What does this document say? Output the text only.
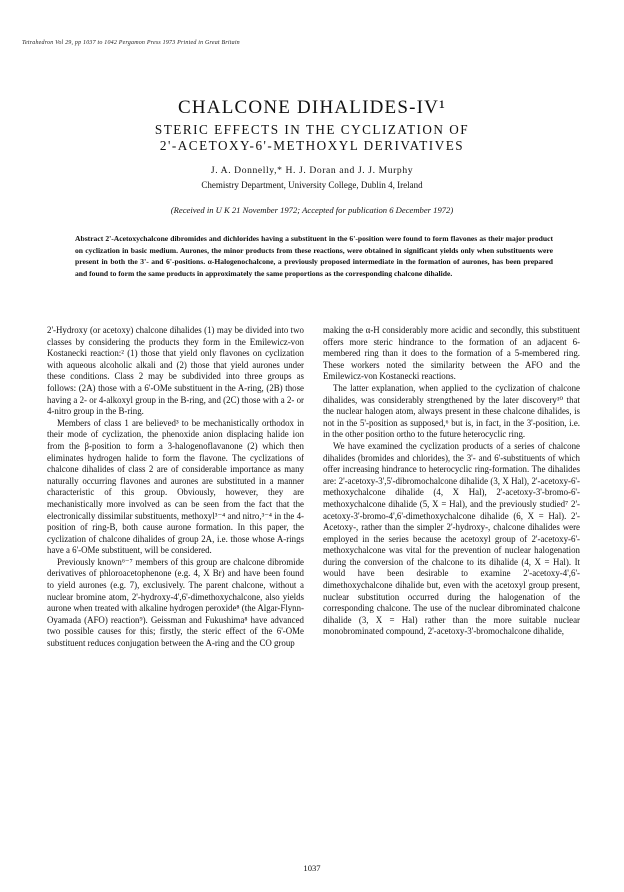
Tetrahedron Vol 29, pp 1037 to 1042 Pergamon Press 1973 Printed in Great Britain
CHALCONE DIHALIDES-IV¹
STERIC EFFECTS IN THE CYCLIZATION OF
2'-ACETOXY-6'-METHOXYL DERIVATIVES
J. A. Donnelly,* H. J. Doran and J. J. Murphy
Chemistry Department, University College, Dublin 4, Ireland
(Received in U K 21 November 1972; Accepted for publication 6 December 1972)
Abstract 2'-Acetoxychalcone dibromides and dichlorides having a substituent in the 6'-position were found to form flavones as their major product on cyclization in basic medium. Aurones, the minor products from these reactions, were obtained in significant yields only when substituents were present in both the 3'- and 6'-positions. α-Halogenochalcone, a previously proposed intermediate in the formation of aurones, has been prepared and found to form the same products in approximately the same proportions as the corresponding chalcone dihalide.

2'-Hydroxy (or acetoxy) chalcone dihalides (1) may be divided into two classes by considering the products they form in the Emilewicz-von Kostanecki reaction:² (1) those that yield only flavones on cyclization with aqueous alcoholic alkali and (2) those that yield aurones under these conditions. Class 2 may be subdivided into three groups as follows: (2A) those with a 6'-OMe substituent in the A-ring, (2B) those having a 2- or 4-alkoxyl group in the B-ring, and (2C) those with a 2- or 4-nitro group in the B-ring.

Members of class 1 are believed³ to be mechanistically orthodox in their mode of cyclization, the phenoxide anion displacing halide ion from the β-position to form a 3-halogenoflavanone (2) which then eliminates hydrogen halide to form the flavone. The cyclizations of chalcone dihalides of class 2 are of considerable importance as many naturally occurring flavones and aurones are substituted in a manner characteristic of this group. Obviously, however, they are mechanistically more involved as can be seen from the fact that the electronically dissimilar substituents, methoxyl³⁻⁴ and nitro,³⁻⁴ in the 4-position of ring-B, both cause aurone formation. In this paper, the cyclization of chalcone dihalides of group 2A, i.e. those whose A-rings have a 6'-OMe substituent, will be considered.

Previously known⁶⁻⁷ members of this group are chalcone dibromide derivatives of phloroacetophenone (e.g. 4, X Br) and have been found to yield aurones (e.g. 7), exclusively. The parent chalcone, without a nuclear bromine atom, 2'-hydroxy-4',6'-dimethoxychalcone, also yields aurone when treated with alkaline hydrogen peroxide⁸ (the Algar-Flynn-Oyamada (AFO) reaction⁹). Geissman and Fukushima⁸ have advanced two possible causes for this; firstly, the steric effect of the 6'-OMe substituent reduces conjugation between the A-ring and the CO group

making the α-H considerably more acidic and secondly, this substituent offers more steric hindrance to the formation of an adjacent 6-membered ring than it does to the formation of a 5-membered ring. These workers noted the similarity between the AFO and the Emilewicz-von Kostanecki reactions.

The latter explanation, when applied to the cyclization of chalcone dihalides, was considerably strengthened by the later discovery¹⁰ that the nuclear halogen atom, always present in these chalcone dihalides, is not in the 5'-position as supposed,⁶ but is, in fact, in the 3'-position, i.e. in the other position ortho to the future heterocyclic ring.

We have examined the cyclization products of a series of chalcone dihalides (bromides and chlorides), the 3'- and 6'-substituents of which offer increasing hindrance to heterocyclic ring-formation. The dihalides are: 2'-acetoxy-3',5'-dibromochalcone dihalide (3, X Hal), 2'-acetoxy-6'-methoxychalcone dihalide (4, X Hal), 2'-acetoxy-3'-bromo-6'-methoxychalcone dihalide (5, X = Hal), and the previously studied⁷ 2'-acetoxy-3'-bromo-4',6'-dimethoxychalcone dihalide (6, X = Hal). 2'-Acetoxy-, rather than the simpler 2'-hydroxy-, chalcone dihalides were employed in the series because the acetoxyl group of 2'-acetoxy-6'-methoxychalcone was vital for the prevention of nuclear halogenation during the conversion of the chalcone to its dihalide (4, X = Hal). It would have been desirable to examine 2'-acetoxy-4',6'-dimethoxychalcone dihalide but, even with the acetoxyl group present, nuclear substitution occurred during the halogenation of the corresponding chalcone. The use of the nuclear dibrominated chalcone dihalide (3, X = Hal) rather than the more suitable nuclear monobrominated compound, 2'-acetoxy-3'-bromochalcone dihalide,

1037
